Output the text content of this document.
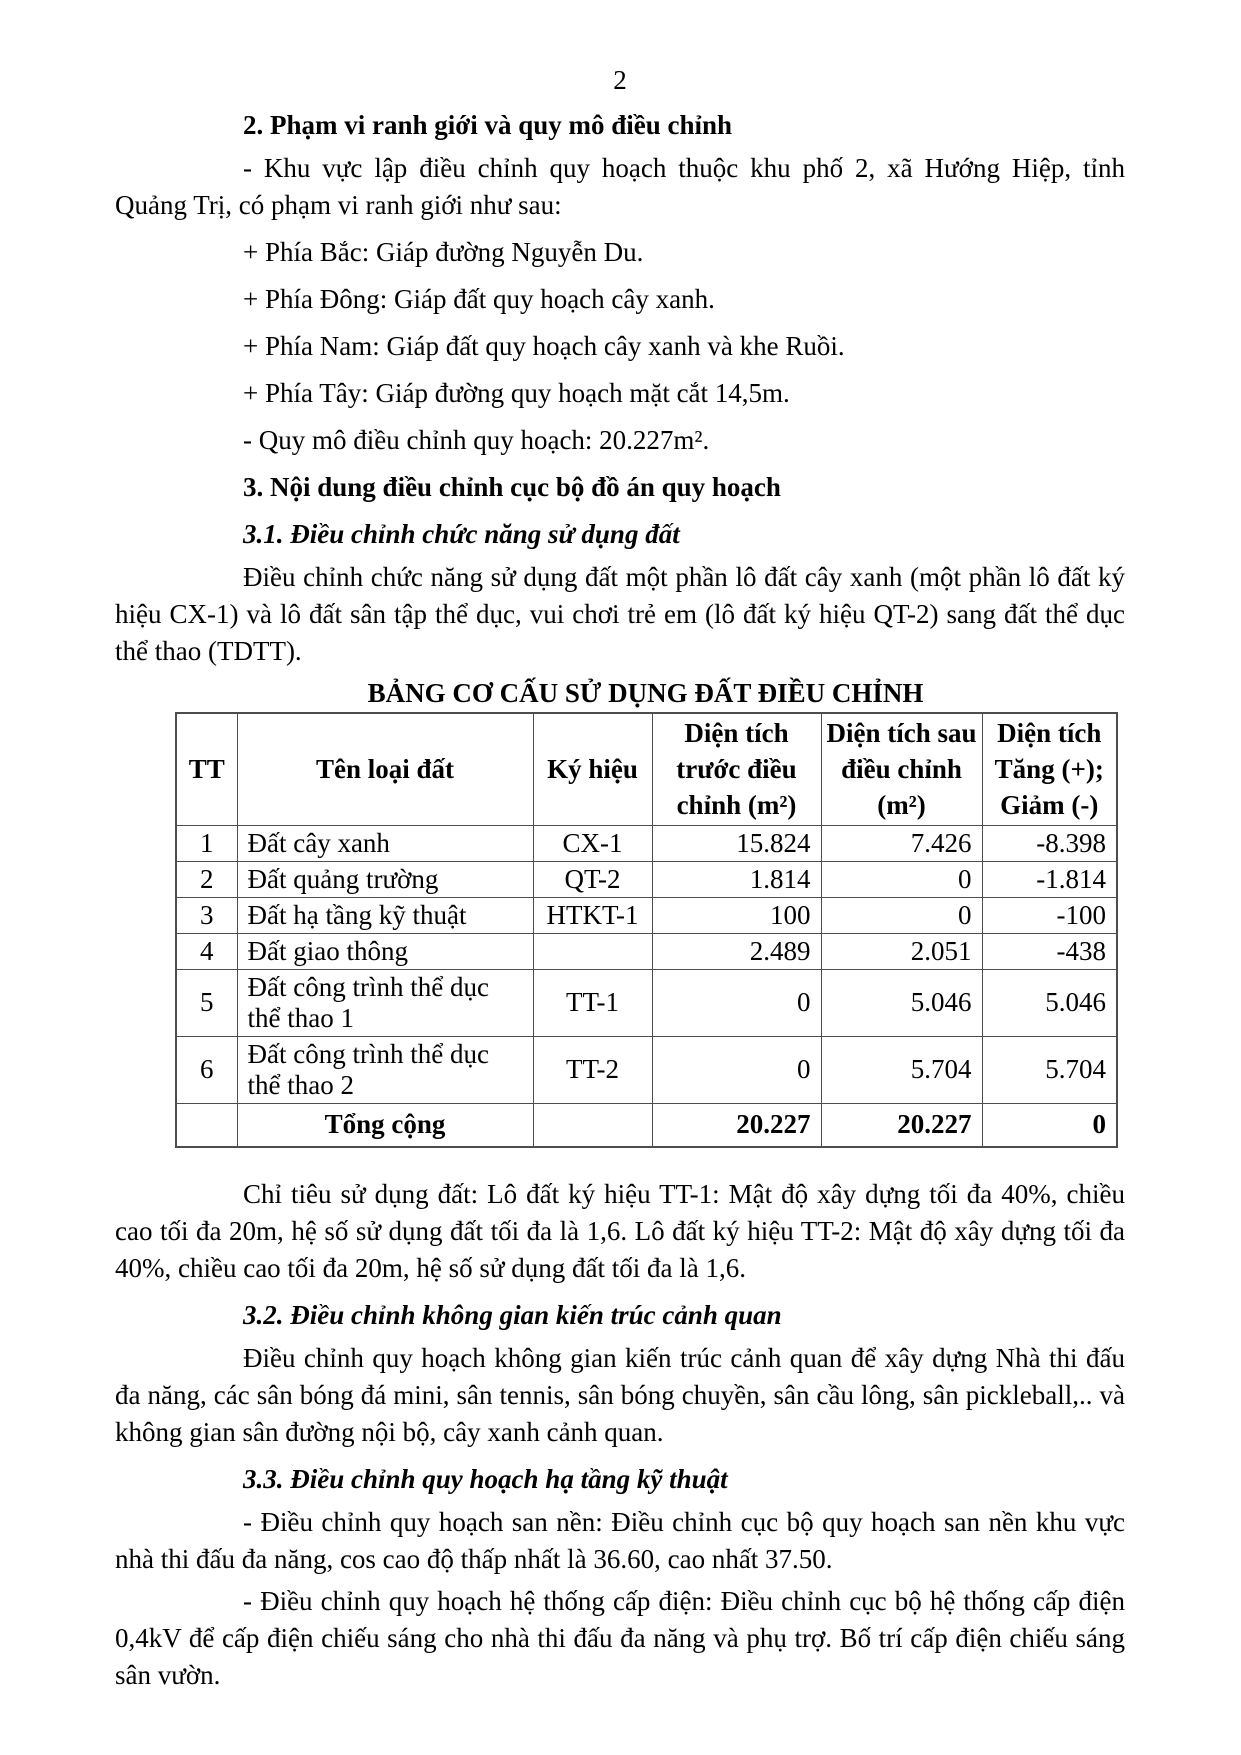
2

2. Phạm vi ranh giới và quy mô điều chỉnh

- Khu vực lập điều chỉnh quy hoạch thuộc khu phố 2, xã Hướng Hiệp, tỉnh Quảng Trị, có phạm vi ranh giới như sau:

+ Phía Bắc: Giáp đường Nguyễn Du.

+ Phía Đông: Giáp đất quy hoạch cây xanh.

+ Phía Nam: Giáp đất quy hoạch cây xanh và khe Ruồi.

+ Phía Tây: Giáp đường quy hoạch mặt cắt 14,5m.

- Quy mô điều chỉnh quy hoạch: 20.227m².

3. Nội dung điều chỉnh cục bộ đồ án quy hoạch

3.1. Điều chỉnh chức năng sử dụng đất

Điều chỉnh chức năng sử dụng đất một phần lô đất cây xanh (một phần lô đất ký hiệu CX-1) và lô đất sân tập thể dục, vui chơi trẻ em (lô đất ký hiệu QT-2) sang đất thể dục thể thao (TDTT).

BẢNG CƠ CẤU SỬ DỤNG ĐẤT ĐIỀU CHỈNH
TT	Tên loại đất	Ký hiệu	Diện tích trước điều chỉnh (m²)	Diện tích sau điều chỉnh (m²)	Diện tích Tăng (+); Giảm (-)
1	Đất cây xanh	CX-1	15.824	7.426	-8.398
2	Đất quảng trường	QT-2	1.814	0	-1.814
3	Đất hạ tầng kỹ thuật	HTKT-1	100	0	-100
4	Đất giao thông		2.489	2.051	-438
5	Đất công trình thể dục thể thao 1	TT-1	0	5.046	5.046
6	Đất công trình thể dục thể thao 2	TT-2	0	5.704	5.704
	Tổng cộng		20.227	20.227	0

Chỉ tiêu sử dụng đất: Lô đất ký hiệu TT-1: Mật độ xây dựng tối đa 40%, chiều cao tối đa 20m, hệ số sử dụng đất tối đa là 1,6. Lô đất ký hiệu TT-2: Mật độ xây dựng tối đa 40%, chiều cao tối đa 20m, hệ số sử dụng đất tối đa là 1,6.

3.2. Điều chỉnh không gian kiến trúc cảnh quan

Điều chỉnh quy hoạch không gian kiến trúc cảnh quan để xây dựng Nhà thi đấu đa năng, các sân bóng đá mini, sân tennis, sân bóng chuyền, sân cầu lông, sân pickleball,.. và không gian sân đường nội bộ, cây xanh cảnh quan.

3.3. Điều chỉnh quy hoạch hạ tầng kỹ thuật

- Điều chỉnh quy hoạch san nền: Điều chỉnh cục bộ quy hoạch san nền khu vực nhà thi đấu đa năng, cos cao độ thấp nhất là 36.60, cao nhất 37.50.

- Điều chỉnh quy hoạch hệ thống cấp điện: Điều chỉnh cục bộ hệ thống cấp điện 0,4kV để cấp điện chiếu sáng cho nhà thi đấu đa năng và phụ trợ. Bố trí cấp điện chiếu sáng sân vườn.
